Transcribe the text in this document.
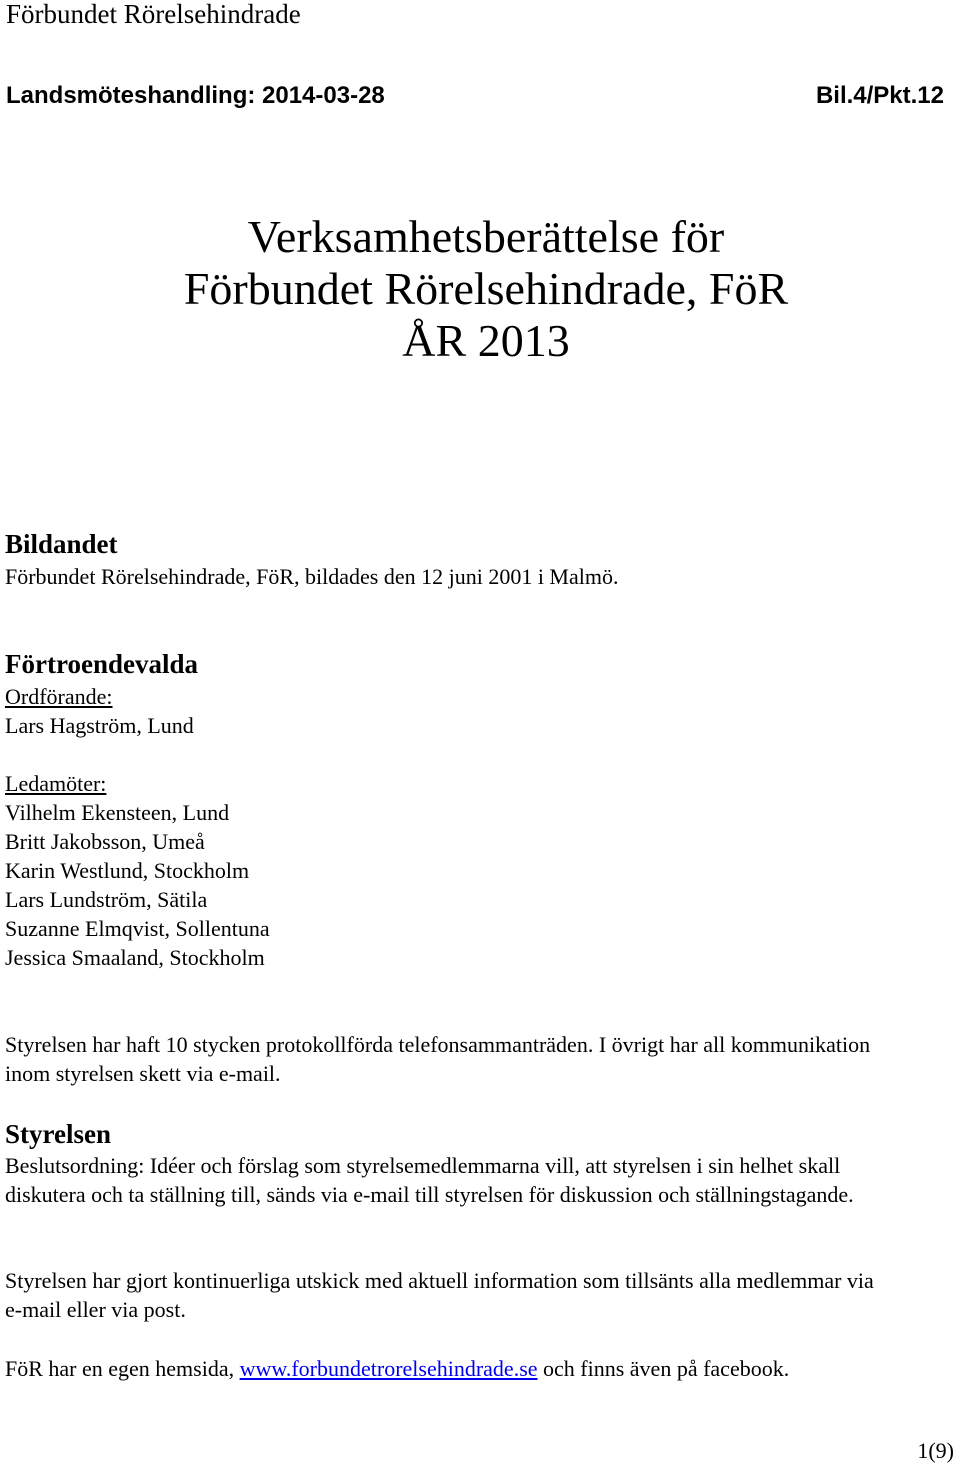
Förbundet Rörelsehindrade
Landsmöteshandling: 2014-03-28	Bil.4/Pkt.12
Verksamhetsberättelse för
Förbundet Rörelsehindrade, FöR
ÅR 2013
Bildandet
Förbundet Rörelsehindrade, FöR, bildades den 12 juni 2001 i Malmö.
Förtroendevalda
Ordförande:
Lars Hagström, Lund
Ledamöter:
Vilhelm Ekensteen, Lund
Britt Jakobsson, Umeå
Karin Westlund, Stockholm
Lars Lundström, Sätila
Suzanne Elmqvist, Sollentuna
Jessica Smaaland, Stockholm
Styrelsen har haft 10 stycken protokollförda telefonsammanträden. I övrigt har all kommunikation inom styrelsen skett via e-mail.
Styrelsen
Beslutsordning: Idéer och förslag som styrelsemedlemmarna vill, att styrelsen i sin helhet skall diskutera och ta ställning till, sänds via e-mail till styrelsen för diskussion och ställningstagande.
Styrelsen har gjort kontinuerliga utskick med aktuell information som tillsänts alla medlemmar via e-mail eller via post.
FöR har en egen hemsida, www.forbundetrorelsehindrade.se och finns även på facebook.
1(9)
